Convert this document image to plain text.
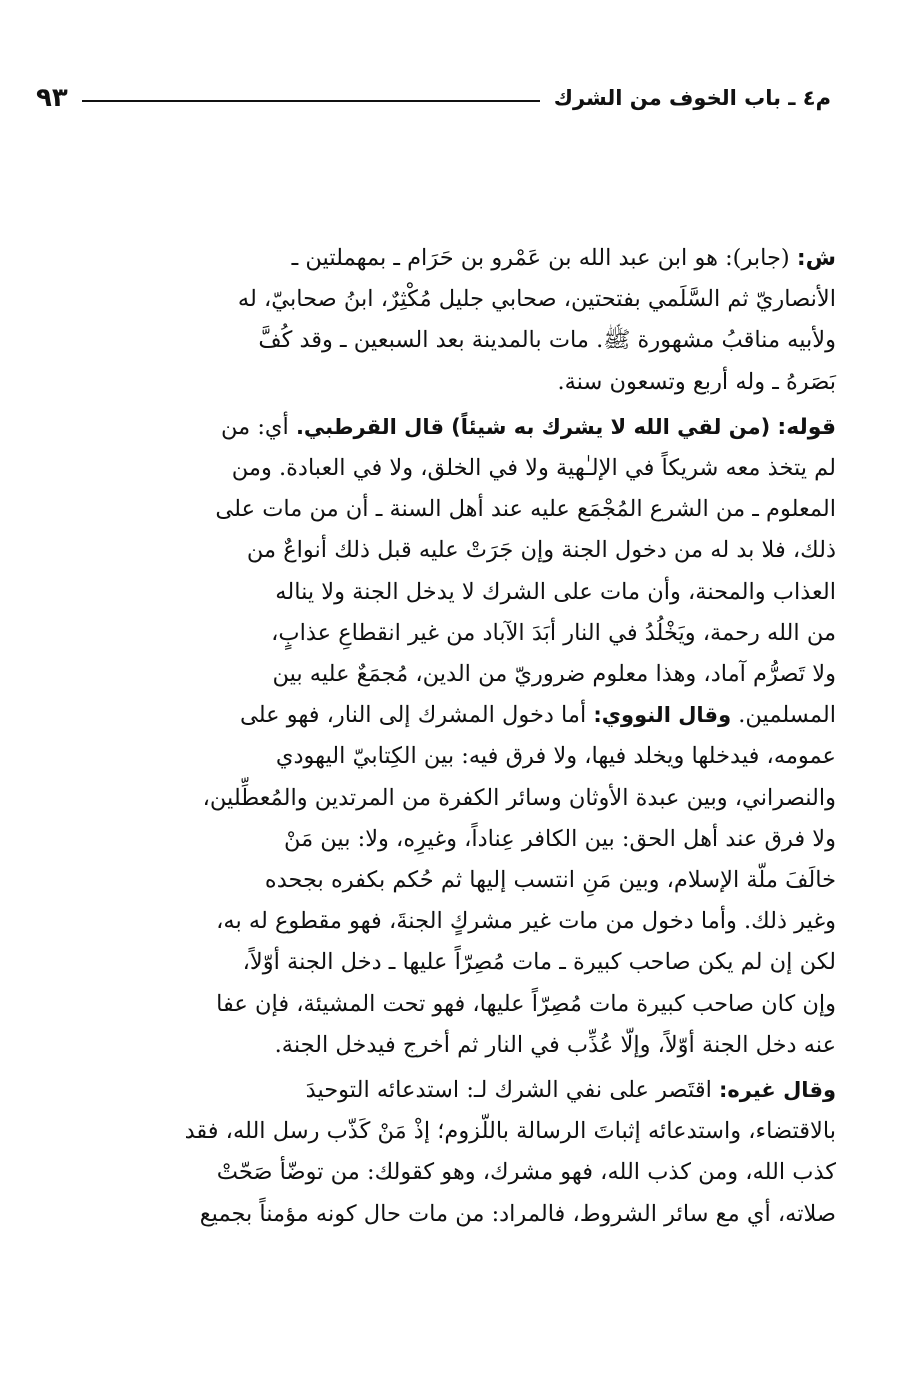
م٤ ـ باب الخوف من الشرك
٩٣

ش: (جابر): هو ابن عبد الله بن عَمْرو بن حَرَام ـ بمهملتين ـ
الأنصاريّ ثم السَّلَمي بفتحتين، صحابي جليل مُكْثِرٌ، ابنُ صحابيّ، له
ولأبيه مناقبُ مشهورة ﷺ. مات بالمدينة بعد السبعين ـ وقد كُفَّ
بَصَرهُ ـ وله أربع وتسعون سنة.

قوله: (من لقي الله لا يشرك به شيئاً) قال القرطبي. أي: من
لم يتخذ معه شريكاً في الإلـٰهية ولا في الخلق، ولا في العبادة. ومن
المعلوم ـ من الشرع المُجْمَع عليه عند أهل السنة ـ أن من مات على
ذلك، فلا بد له من دخول الجنة وإن جَرَتْ عليه قبل ذلك أنواعٌ من
العذاب والمحنة، وأن مات على الشرك لا يدخل الجنة ولا يناله
من الله رحمة، ويَخْلُدُ في النار أبَدَ الآباد من غير انقطاعِ عذابٍ،
ولا تَصرُّم آماد، وهذا معلوم ضروريّ من الدين، مُجمَعٌ عليه بين
المسلمين. وقال النووي: أما دخول المشرك إلى النار، فهو على
عمومه، فيدخلها ويخلد فيها، ولا فرق فيه: بين الكِتابيّ اليهودي
والنصراني، وبين عبدة الأوثان وسائر الكفرة من المرتدين والمُعطِّلين،
ولا فرق عند أهل الحق: بين الكافر عِناداً، وغيرِه، ولا: بين مَنْ
خالَفَ ملّة الإسلام، وبين مَنِ انتسب إليها ثم حُكم بكفره بجحده
وغير ذلك. وأما دخول من مات غير مشركٍ الجنةَ، فهو مقطوع له به،
لكن إن لم يكن صاحب كبيرة ـ مات مُصِرّاً عليها ـ دخل الجنة أوّلاً،
وإن كان صاحب كبيرة مات مُصِرّاً عليها، فهو تحت المشيئة، فإن عفا
عنه دخل الجنة أوّلاً، وإلّا عُذِّب في النار ثم أخرج فيدخل الجنة.

وقال غيره: اقتَصر على نفي الشرك لـ: استدعائه التوحيدَ
بالاقتضاء، واستدعائه إثباتَ الرسالة باللّزوم؛ إذْ مَنْ كَذّب رسل الله، فقد
كذب الله، ومن كذب الله، فهو مشرك، وهو كقولك: من توضّأ صَحّتْ
صلاته، أي مع سائر الشروط، فالمراد: من مات حال كونه مؤمناً بجميع
